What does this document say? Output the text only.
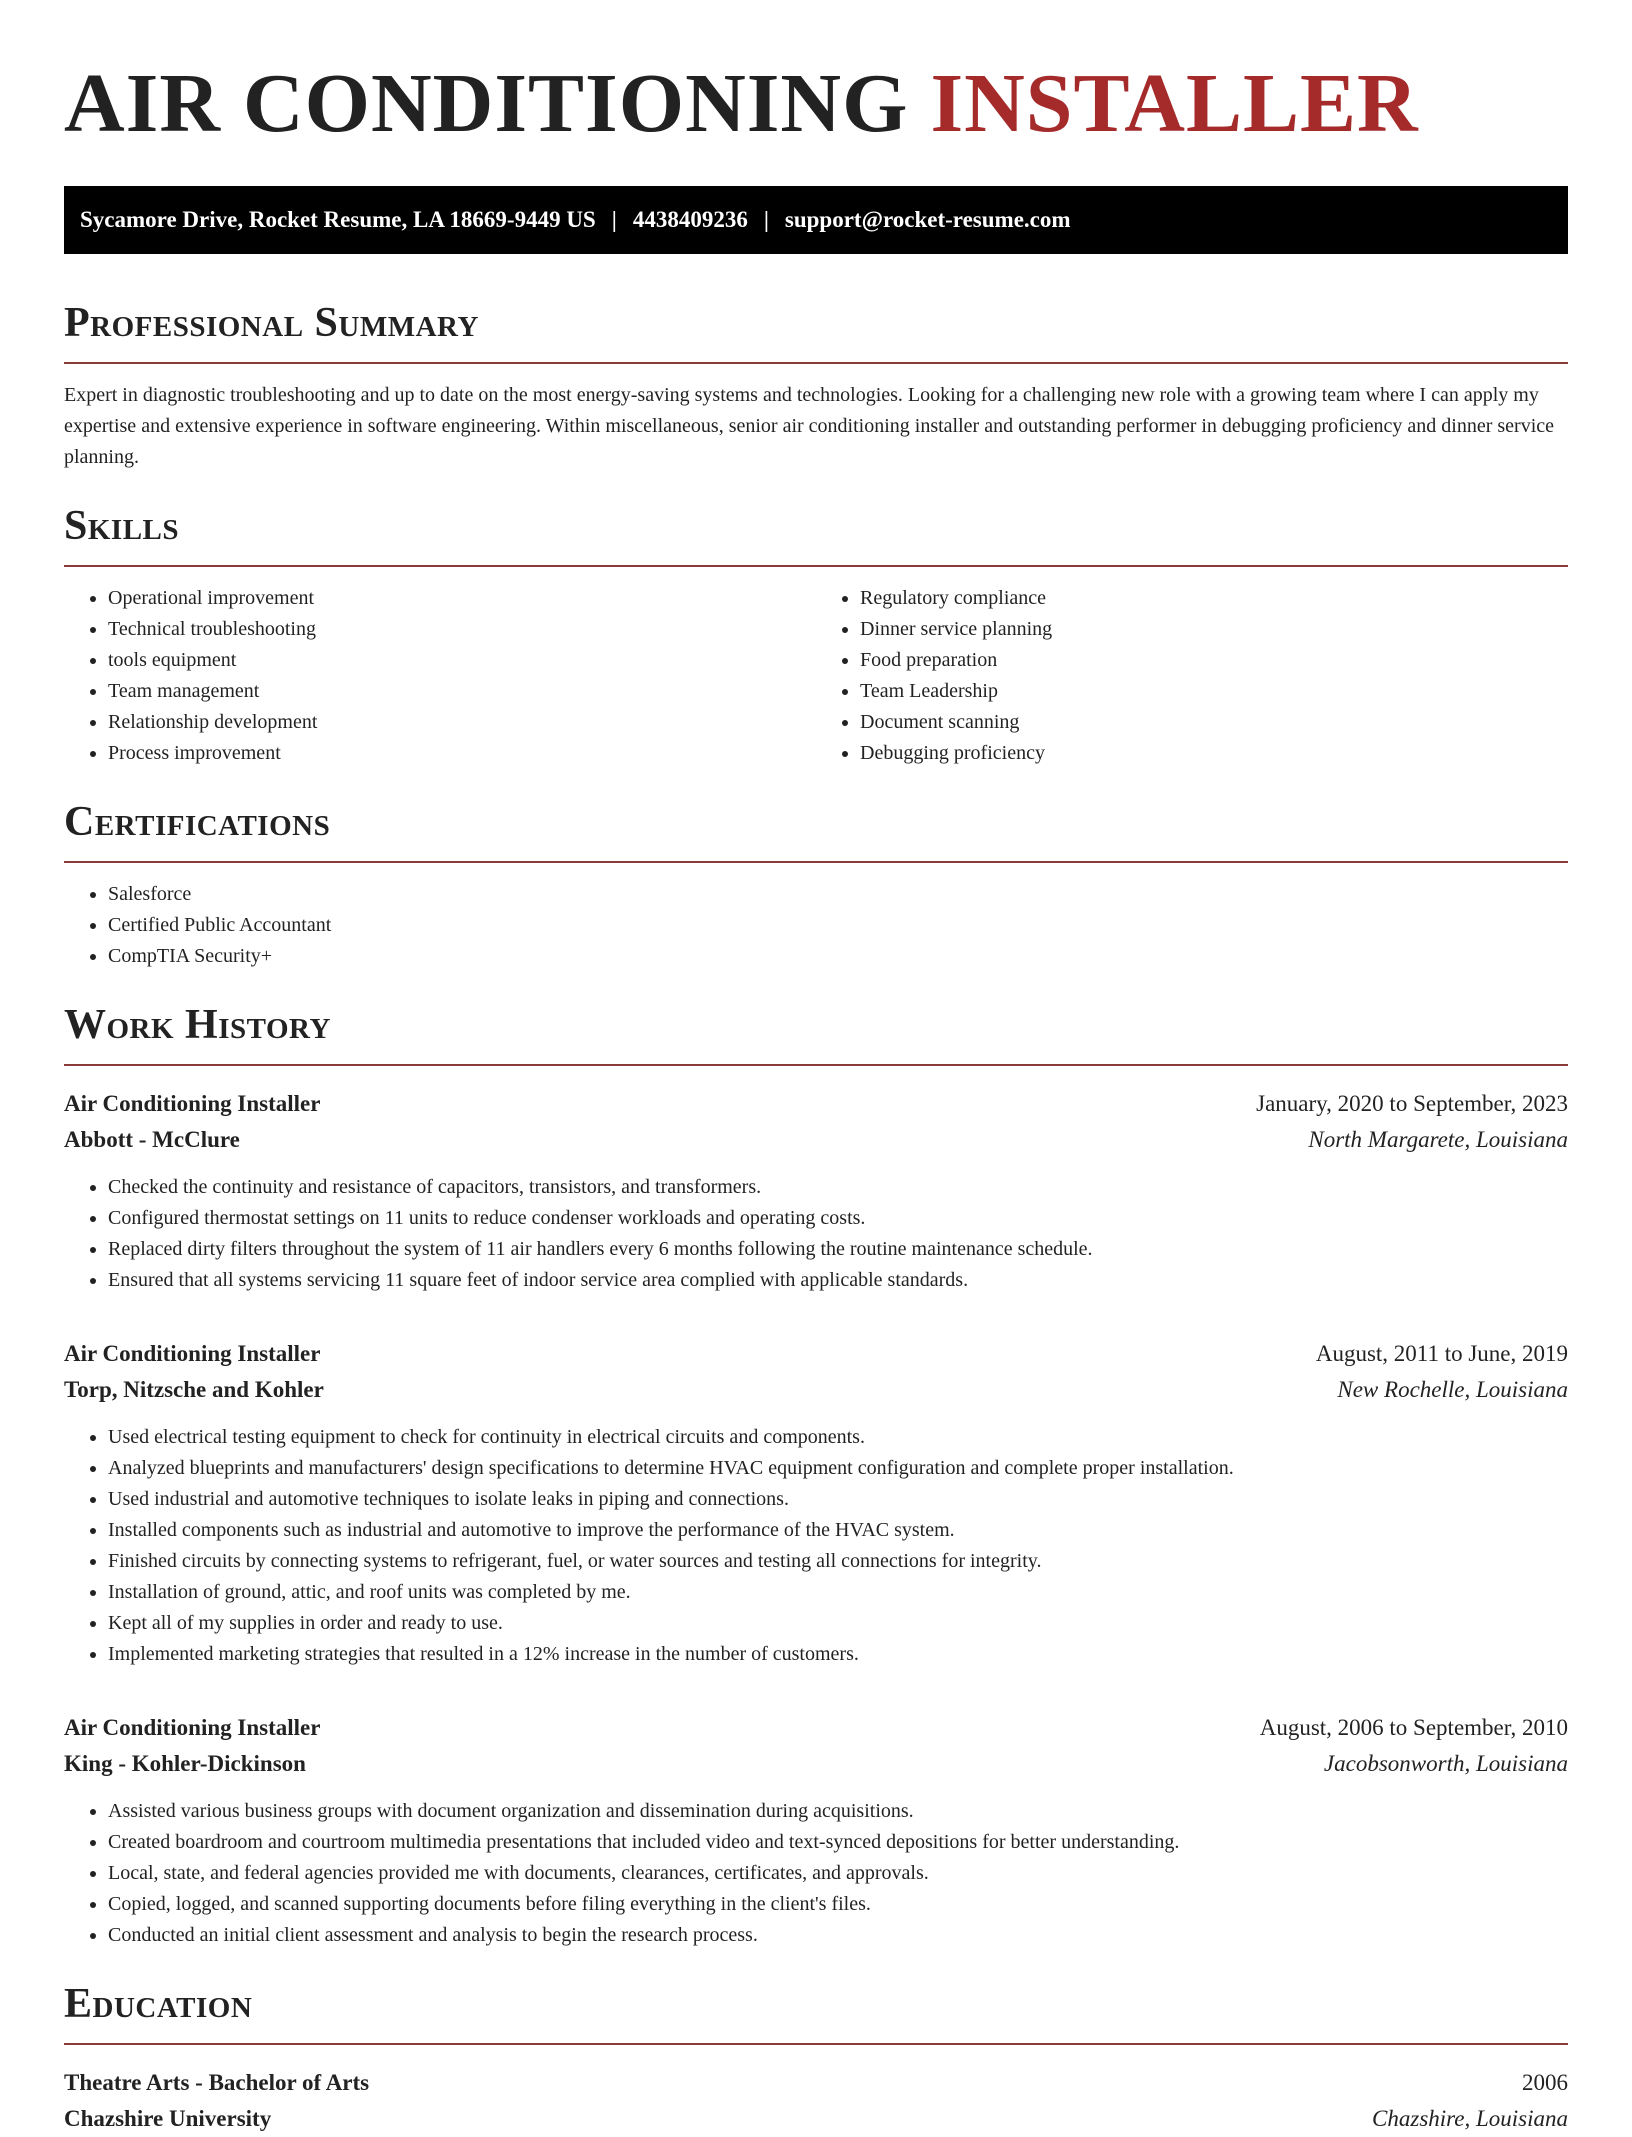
AIR CONDITIONING INSTALLER
Sycamore Drive, Rocket Resume, LA 18669-9449 US | 4438409236 | support@rocket-resume.com
Professional Summary

Expert in diagnostic troubleshooting and up to date on the most energy-saving systems and technologies. Looking for a challenging new role with a growing team where I can apply my expertise and extensive experience in software engineering. Within miscellaneous, senior air conditioning installer and outstanding performer in debugging proficiency and dinner service planning.

Skills
• Operational improvement
• Technical troubleshooting
• tools equipment
• Team management
• Relationship development
• Process improvement
• Regulatory compliance
• Dinner service planning
• Food preparation
• Team Leadership
• Document scanning
• Debugging proficiency
Certifications
• Salesforce
• Certified Public Accountant
• CompTIA Security+
Work History
Air Conditioning Installer	January, 2020 to September, 2023
Abbott - McClure	North Margarete, Louisiana
• Checked the continuity and resistance of capacitors, transistors, and transformers.
• Configured thermostat settings on 11 units to reduce condenser workloads and operating costs.
• Replaced dirty filters throughout the system of 11 air handlers every 6 months following the routine maintenance schedule.
• Ensured that all systems servicing 11 square feet of indoor service area complied with applicable standards.
Air Conditioning Installer	August, 2011 to June, 2019
Torp, Nitzsche and Kohler	New Rochelle, Louisiana
• Used electrical testing equipment to check for continuity in electrical circuits and components.
• Analyzed blueprints and manufacturers' design specifications to determine HVAC equipment configuration and complete proper installation.
• Used industrial and automotive techniques to isolate leaks in piping and connections.
• Installed components such as industrial and automotive to improve the performance of the HVAC system.
• Finished circuits by connecting systems to refrigerant, fuel, or water sources and testing all connections for integrity.
• Installation of ground, attic, and roof units was completed by me.
• Kept all of my supplies in order and ready to use.
• Implemented marketing strategies that resulted in a 12% increase in the number of customers.
Air Conditioning Installer	August, 2006 to September, 2010
King - Kohler-Dickinson	Jacobsonworth, Louisiana
• Assisted various business groups with document organization and dissemination during acquisitions.
• Created boardroom and courtroom multimedia presentations that included video and text-synced depositions for better understanding.
• Local, state, and federal agencies provided me with documents, clearances, certificates, and approvals.
• Copied, logged, and scanned supporting documents before filing everything in the client's files.
• Conducted an initial client assessment and analysis to begin the research process.
Education
Theatre Arts - Bachelor of Arts	2006
Chazshire University	Chazshire, Louisiana
